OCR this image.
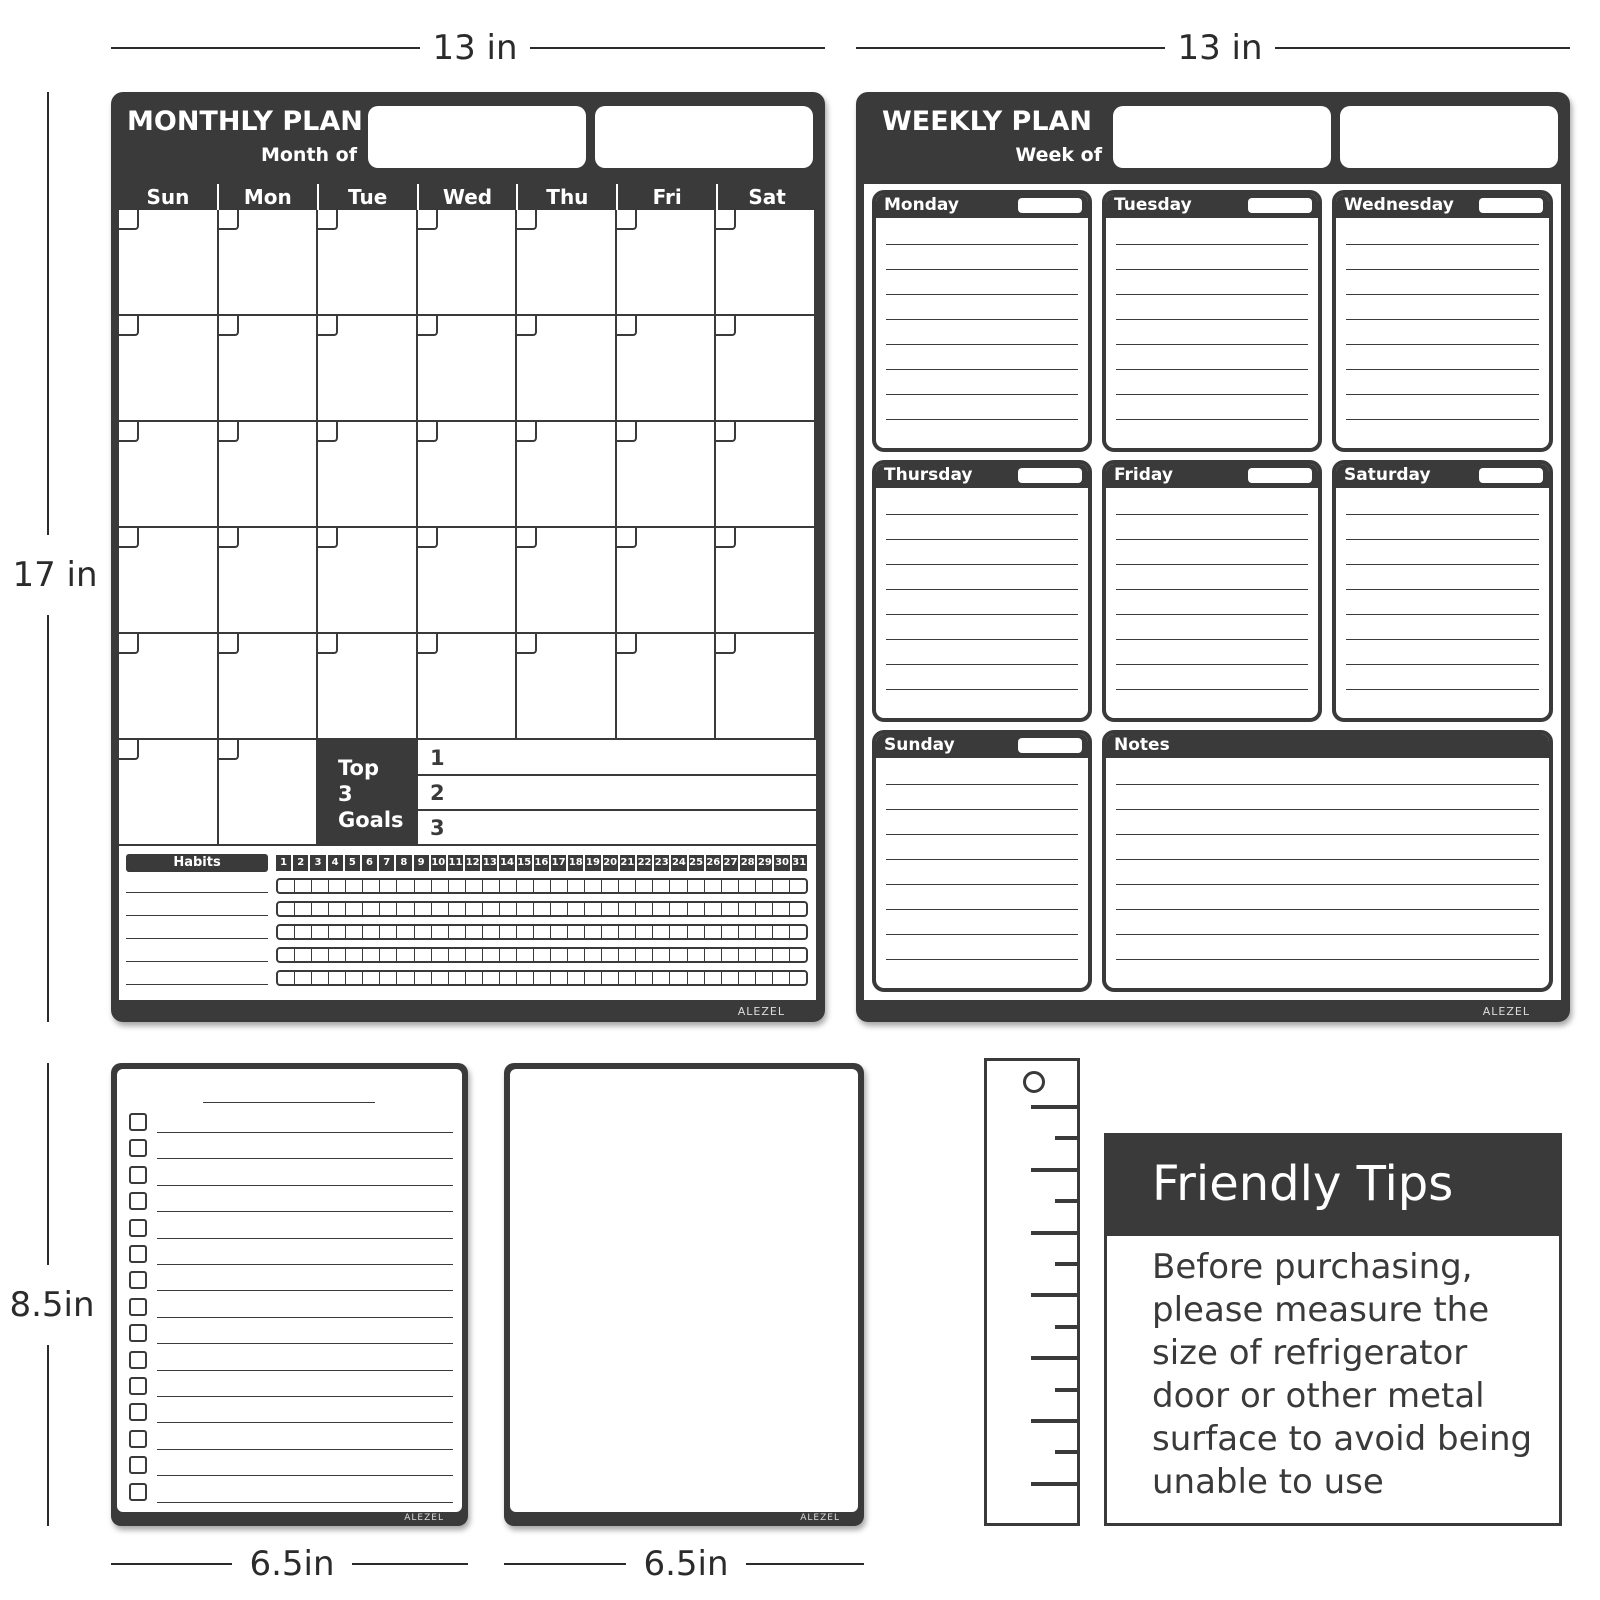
13 in	13 in
17 in
8.5in
6.5in	6.5in
MONTHLY PLAN
Month of
Sun	Mon	Tue	Wed	Thu	Fri	Sat
Top
3
Goals
1
2
3
Habits	1	2	3	4	5	6	7	8	9 10 11 12 13 14 15 16 17 18 19 20 21 22 23 24 25 26 27 28 29 30 31
ALEZEL
WEEKLY PLAN
Week of
Monday	Tuesday	Wednesday
Thursday	Friday	Saturday
Sunday	Notes
ALEZEL
ALEZEL	ALEZEL
Friendly Tips
Before purchasing,
please measure the
size of refrigerator
door or other metal
surface to avoid being
unable to use
